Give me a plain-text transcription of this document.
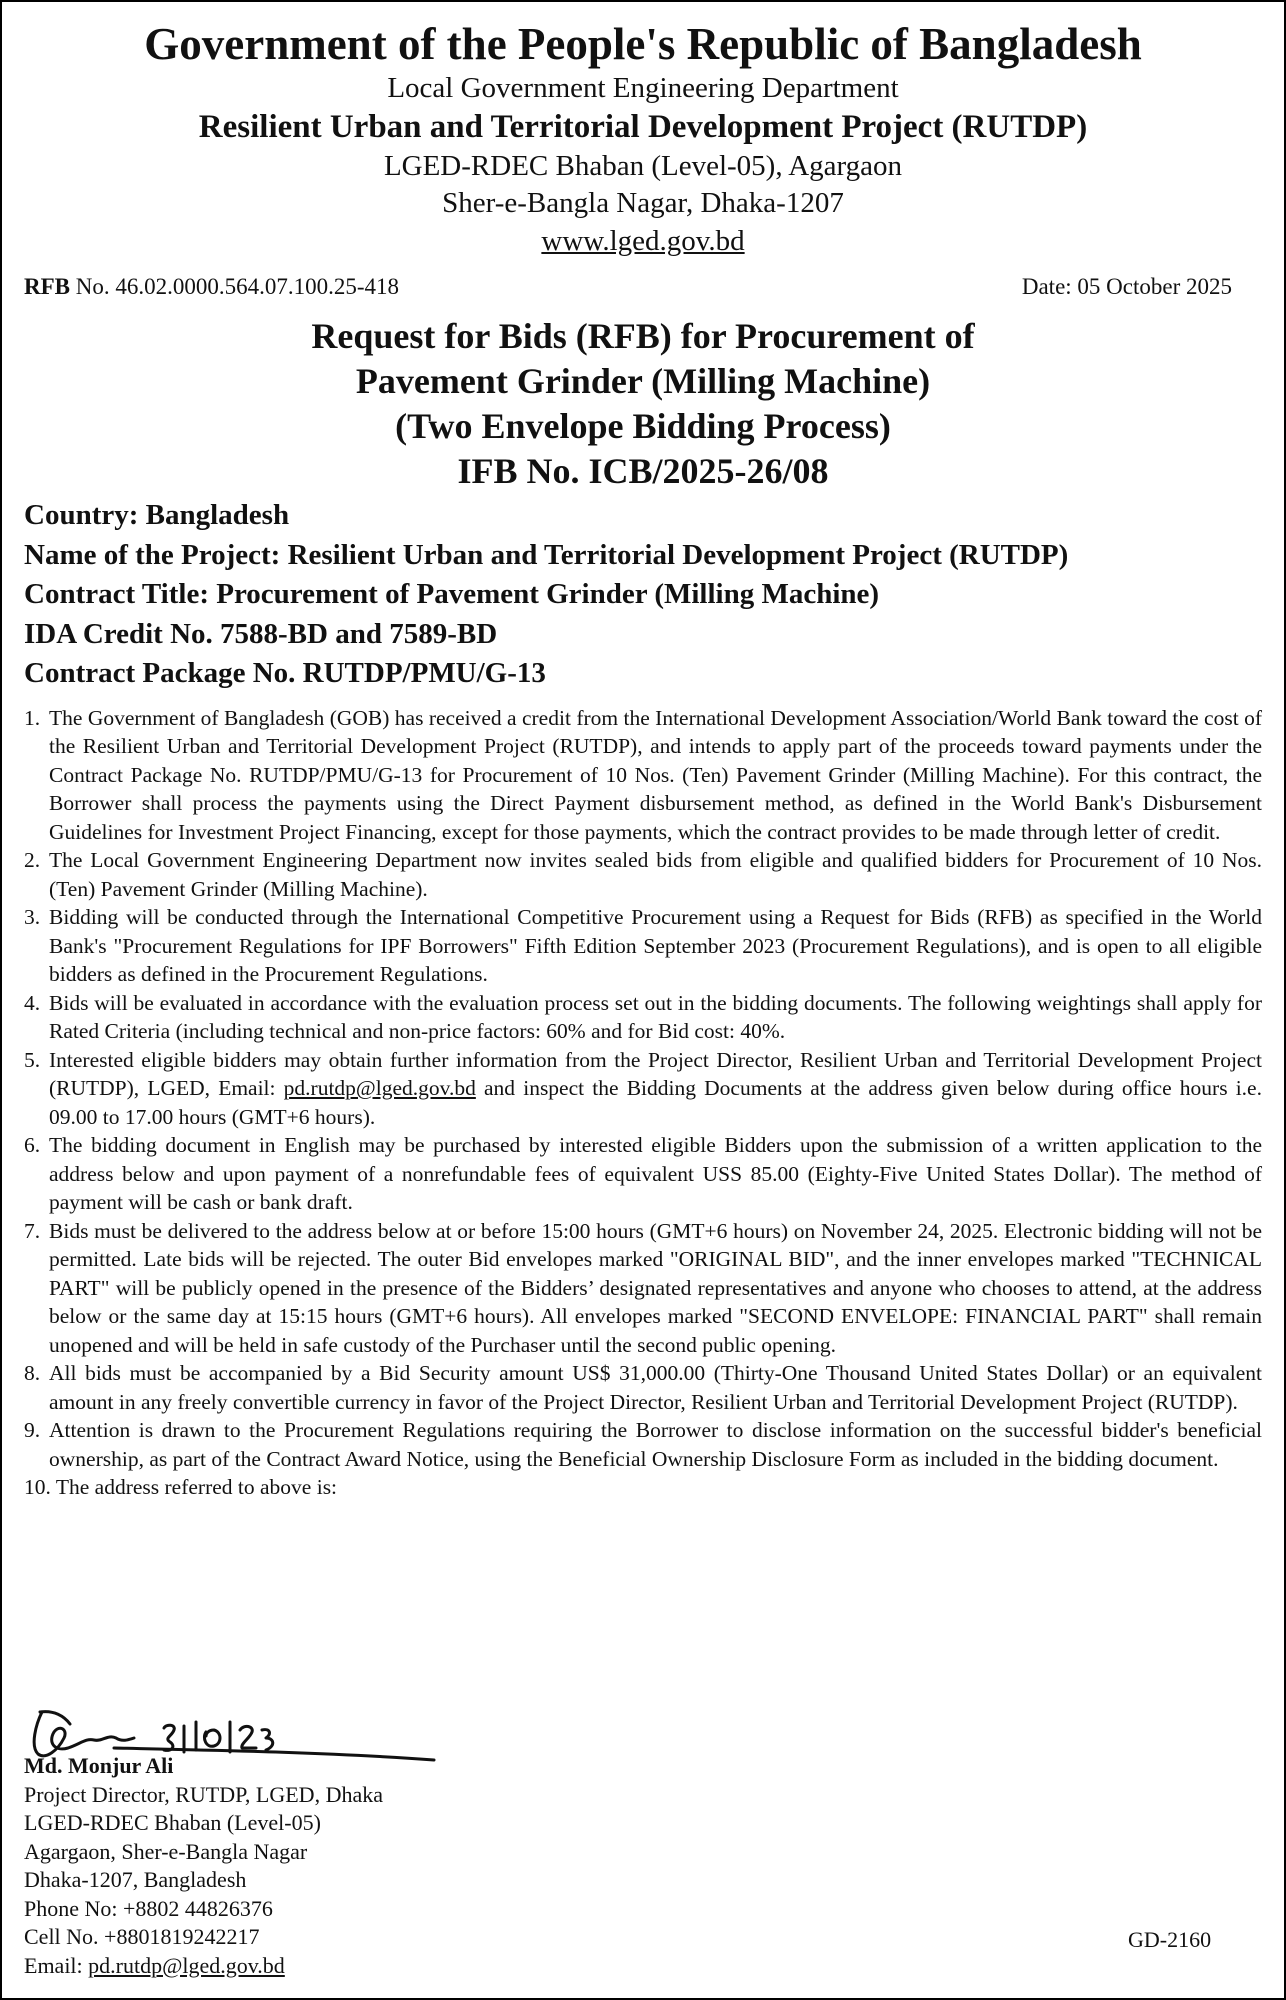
Government of the People's Republic of Bangladesh
Local Government Engineering Department
Resilient Urban and Territorial Development Project (RUTDP)
LGED-RDEC Bhaban (Level-05), Agargaon
Sher-e-Bangla Nagar, Dhaka-1207
www.lged.gov.bd
RFB No. 46.02.0000.564.07.100.25-418	Date: 05 October 2025
Request for Bids (RFB) for Procurement of
Pavement Grinder (Milling Machine)
(Two Envelope Bidding Process)
IFB No. ICB/2025-26/08
Country: Bangladesh
Name of the Project: Resilient Urban and Territorial Development Project (RUTDP)
Contract Title: Procurement of Pavement Grinder (Milling Machine)
IDA Credit No. 7588-BD and 7589-BD
Contract Package No. RUTDP/PMU/G-13
1. The Government of Bangladesh (GOB) has received a credit from the International Development Association/World Bank toward the cost of the Resilient Urban and Territorial Development Project (RUTDP), and intends to apply part of the proceeds toward payments under the Contract Package No. RUTDP/PMU/G-13 for Procurement of 10 Nos. (Ten) Pavement Grinder (Milling Machine). For this contract, the Borrower shall process the payments using the Direct Payment disbursement method, as defined in the World Bank's Disbursement Guidelines for Investment Project Financing, except for those payments, which the contract provides to be made through letter of credit.
2. The Local Government Engineering Department now invites sealed bids from eligible and qualified bidders for Procurement of 10 Nos. (Ten) Pavement Grinder (Milling Machine).
3. Bidding will be conducted through the International Competitive Procurement using a Request for Bids (RFB) as specified in the World Bank's "Procurement Regulations for IPF Borrowers" Fifth Edition September 2023 (Procurement Regulations), and is open to all eligible bidders as defined in the Procurement Regulations.
4. Bids will be evaluated in accordance with the evaluation process set out in the bidding documents. The following weightings shall apply for Rated Criteria (including technical and non-price factors: 60% and for Bid cost: 40%.
5. Interested eligible bidders may obtain further information from the Project Director, Resilient Urban and Territorial Development Project (RUTDP), LGED, Email: pd.rutdp@lged.gov.bd and inspect the Bidding Documents at the address given below during office hours i.e. 09.00 to 17.00 hours (GMT+6 hours).
6. The bidding document in English may be purchased by interested eligible Bidders upon the submission of a written application to the address below and upon payment of a nonrefundable fees of equivalent USS 85.00 (Eighty-Five United States Dollar). The method of payment will be cash or bank draft.
7. Bids must be delivered to the address below at or before 15:00 hours (GMT+6 hours) on November 24, 2025. Electronic bidding will not be permitted. Late bids will be rejected. The outer Bid envelopes marked "ORIGINAL BID", and the inner envelopes marked "TECHNICAL PART" will be publicly opened in the presence of the Bidders’ designated representatives and anyone who chooses to attend, at the address below or the same day at 15:15 hours (GMT+6 hours). All envelopes marked "SECOND ENVELOPE: FINANCIAL PART" shall remain unopened and will be held in safe custody of the Purchaser until the second public opening.
8. All bids must be accompanied by a Bid Security amount US$ 31,000.00 (Thirty-One Thousand United States Dollar) or an equivalent amount in any freely convertible currency in favor of the Project Director, Resilient Urban and Territorial Development Project (RUTDP).
9. Attention is drawn to the Procurement Regulations requiring the Borrower to disclose information on the successful bidder's beneficial ownership, as part of the Contract Award Notice, using the Beneficial Ownership Disclosure Form as included in the bidding document.
10. The address referred to above is:
Md. Monjur Ali
Project Director, RUTDP, LGED, Dhaka
LGED-RDEC Bhaban (Level-05)
Agargaon, Sher-e-Bangla Nagar
Dhaka-1207, Bangladesh
Phone No: +8802 44826376
Cell No. +8801819242217
Email: pd.rutdp@lged.gov.bd
GD-2160
